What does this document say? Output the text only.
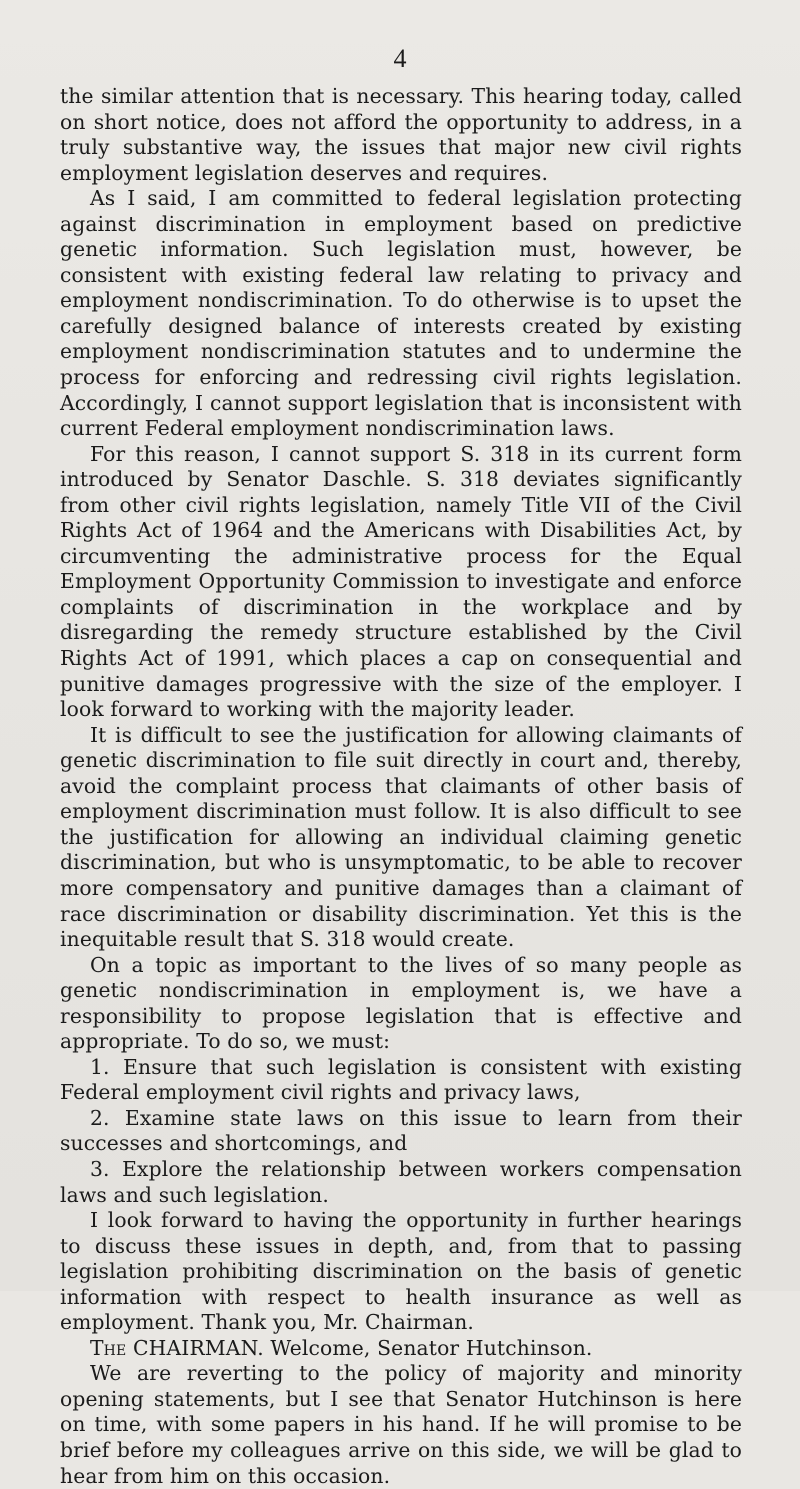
4

the similar attention that is necessary. This hearing today, called on short notice, does not afford the opportunity to address, in a truly substantive way, the issues that major new civil rights employment legislation deserves and requires.

As I said, I am committed to federal legislation protecting against discrimination in employment based on predictive genetic information. Such legislation must, however, be consistent with existing federal law relating to privacy and employment nondiscrimination. To do otherwise is to upset the carefully designed balance of interests created by existing employment nondiscrimination statutes and to undermine the process for enforcing and redressing civil rights legislation. Accordingly, I cannot support legislation that is inconsistent with current Federal employment nondiscrimination laws.

For this reason, I cannot support S. 318 in its current form introduced by Senator Daschle. S. 318 deviates significantly from other civil rights legislation, namely Title VII of the Civil Rights Act of 1964 and the Americans with Disabilities Act, by circumventing the administrative process for the Equal Employment Opportunity Commission to investigate and enforce complaints of discrimination in the workplace and by disregarding the remedy structure established by the Civil Rights Act of 1991, which places a cap on consequential and punitive damages progressive with the size of the employer. I look forward to working with the majority leader.

It is difficult to see the justification for allowing claimants of genetic discrimination to file suit directly in court and, thereby, avoid the complaint process that claimants of other basis of employment discrimination must follow. It is also difficult to see the justification for allowing an individual claiming genetic discrimination, but who is unsymptomatic, to be able to recover more compensatory and punitive damages than a claimant of race discrimination or disability discrimination. Yet this is the inequitable result that S. 318 would create.

On a topic as important to the lives of so many people as genetic nondiscrimination in employment is, we have a responsibility to propose legislation that is effective and appropriate. To do so, we must:

1. Ensure that such legislation is consistent with existing Federal employment civil rights and privacy laws,

2. Examine state laws on this issue to learn from their successes and shortcomings, and

3. Explore the relationship between workers compensation laws and such legislation.

I look forward to having the opportunity in further hearings to discuss these issues in depth, and, from that to passing legislation prohibiting discrimination on the basis of genetic information with respect to health insurance as well as employment. Thank you, Mr. Chairman.

The CHAIRMAN. Welcome, Senator Hutchinson.

We are reverting to the policy of majority and minority opening statements, but I see that Senator Hutchinson is here on time, with some papers in his hand. If he will promise to be brief before my colleagues arrive on this side, we will be glad to hear from him on this occasion.
